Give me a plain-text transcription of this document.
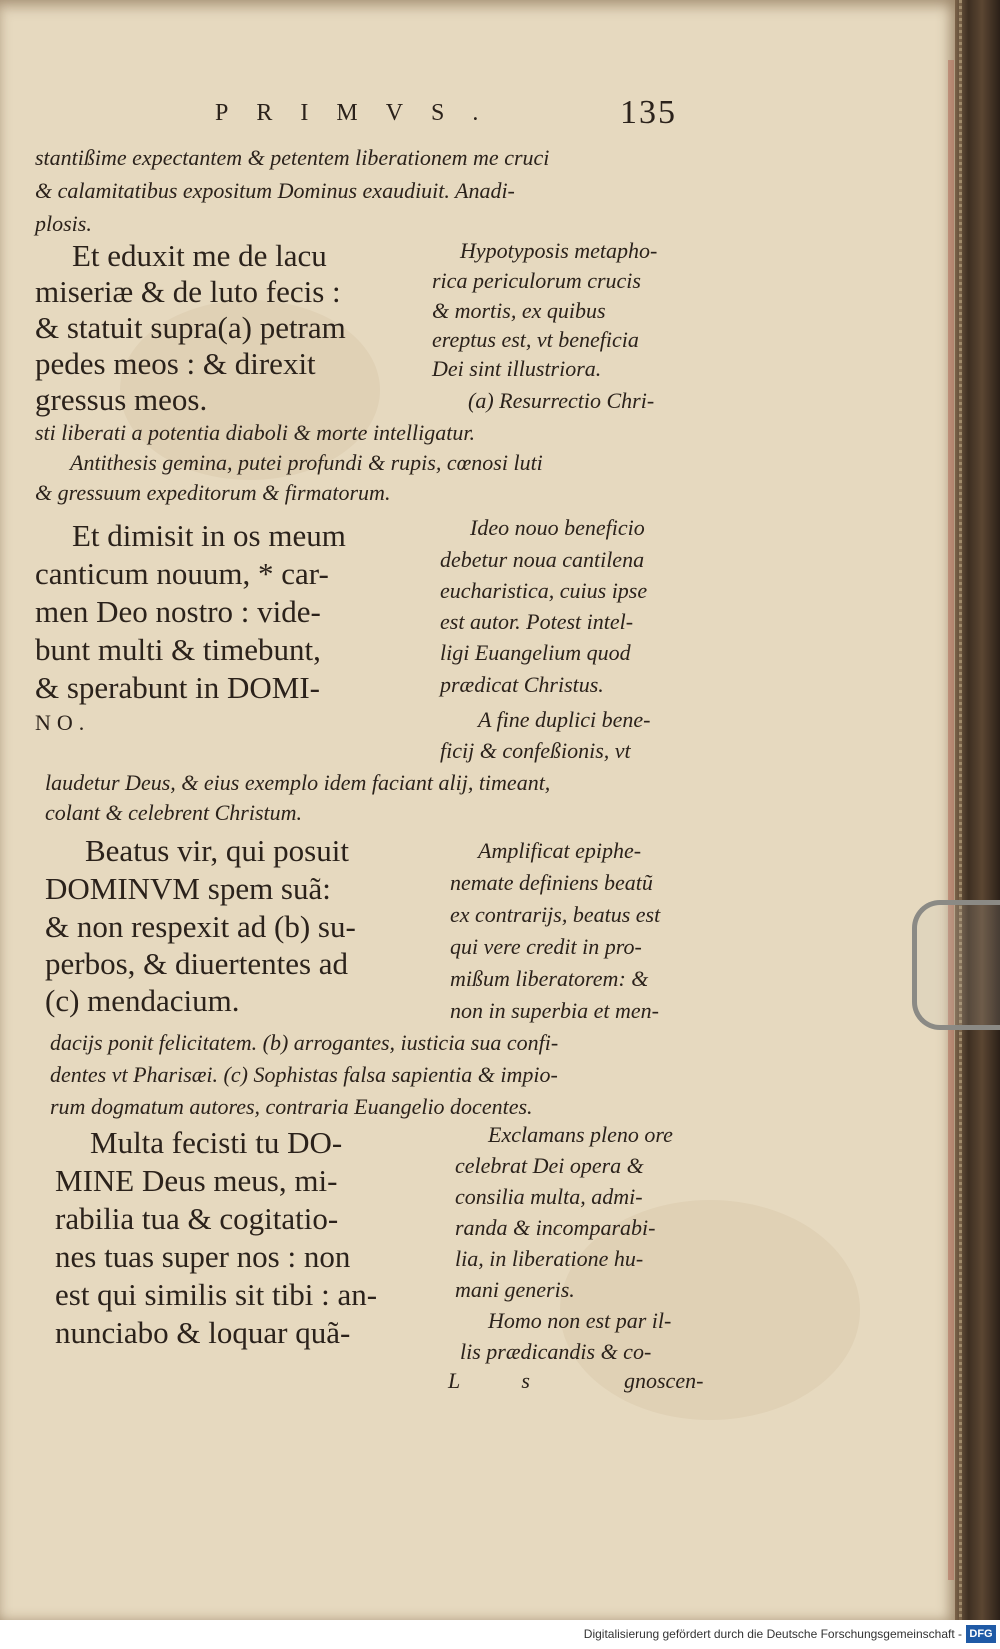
PRIMVS.	135
stantißime expectantem & petentem liberationem me cruci
& calamitatibus expositum Dominus exaudiuit. Anadi-
plosis.
Et eduxit me de lacu
miseriæ & de luto fecis :
& statuit supra(a) petram
pedes meos : & direxit
gressus meos.
Hypotyposis metapho-
rica periculorum crucis
& mortis, ex quibus
ereptus est, vt beneficia
Dei sint illustriora.
(a) Resurrectio Chri-
sti liberati a potentia diaboli & morte intelligatur.
Antithesis gemina, putei profundi & rupis, cœnosi luti
& gressuum expeditorum & firmatorum.
Et dimisit in os meum
canticum nouum, * car-
men Deo nostro : vide-
bunt multi & timebunt,
& sperabunt in DOMI-
NO.
Ideo nouo beneficio
debetur noua cantilena
eucharistica, cuius ipse
est autor. Potest intel-
ligi Euangelium quod
prædicat Christus.
A fine duplici bene-
ficij & confeßionis, vt
laudetur Deus, & eius exemplo idem faciant alij, timeant,
colant & celebrent Christum.
Beatus vir, qui posuit
DOMINVM spem suã:
& non respexit ad (b) su-
perbos, & diuertentes ad
(c) mendacium.
Amplificat epiphe-
nemate definiens beatũ
ex contrarijs, beatus est
qui vere credit in pro-
mißum liberatorem: &
non in superbia et men-
dacijs ponit felicitatem. (b) arrogantes, iusticia sua confi-
dentes vt Pharisæi. (c) Sophistas falsa sapientia & impio-
rum dogmatum autores, contraria Euangelio docentes.
Multa fecisti tu DO-
MINE Deus meus, mi-
rabilia tua & cogitatio-
nes tuas super nos : non
est qui similis sit tibi : an-
nunciabo & loquar quã-
Exclamans pleno ore
celebrat Dei opera &
consilia multa, admi-
randa & incomparabi-
lia, in liberatione hu-
mani generis.
Homo non est par il-
lis prædicandis & co-
gnoscen-
L s
Digitalisierung gefördert durch die Deutsche Forschungsgemeinschaft - DFG
